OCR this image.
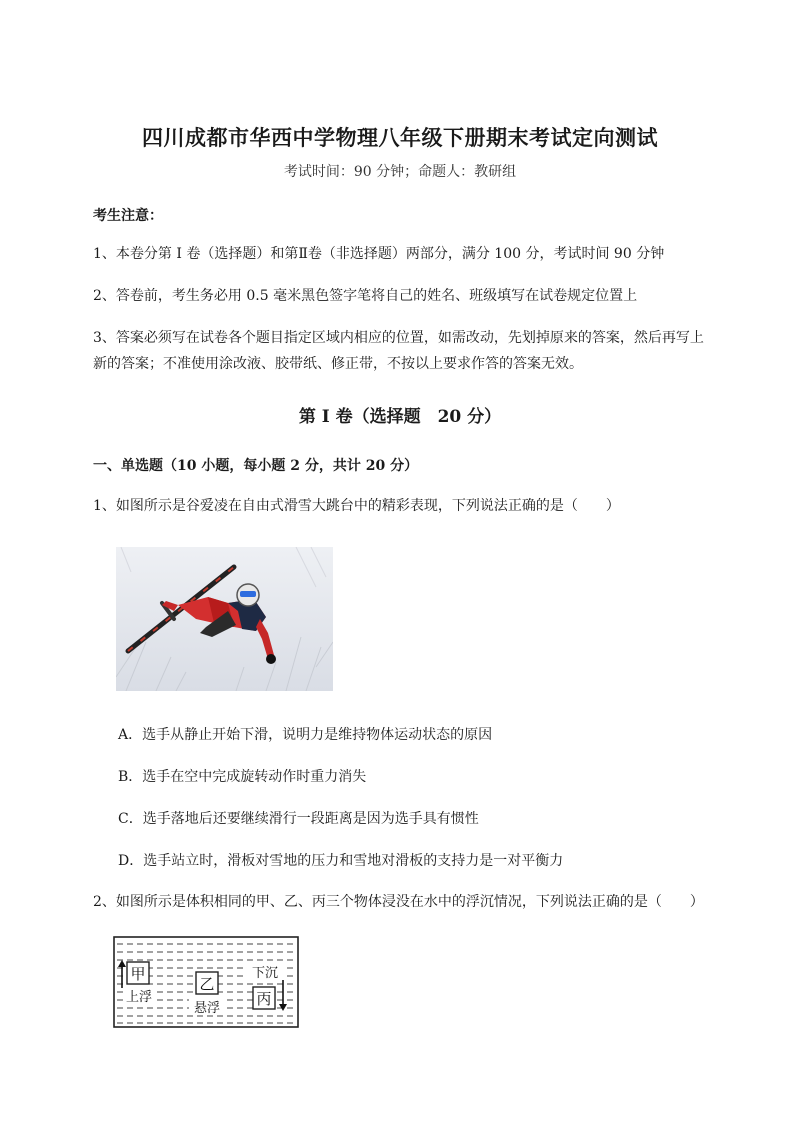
四川成都市华西中学物理八年级下册期末考试定向测试
考试时间：90 分钟；命题人：教研组
考生注意：
1、本卷分第 I 卷（选择题）和第Ⅱ卷（非选择题）两部分，满分 100 分，考试时间 90 分钟
2、答卷前，考生务必用 0.5 毫米黑色签字笔将自己的姓名、班级填写在试卷规定位置上
3、答案必须写在试卷各个题目指定区域内相应的位置，如需改动，先划掉原来的答案，然后再写上新的答案；不准使用涂改液、胶带纸、修正带，不按以上要求作答的答案无效。
第 I 卷（选择题　20 分）
一、单选题（10 小题，每小题 2 分，共计 20 分）
1、如图所示是谷爱凌在自由式滑雪大跳台中的精彩表现，下列说法正确的是（　　）
A．选手从静止开始下滑，说明力是维持物体运动状态的原因
B．选手在空中完成旋转动作时重力消失
C．选手落地后还要继续滑行一段距离是因为选手具有惯性
D．选手站立时，滑板对雪地的压力和雪地对滑板的支持力是一对平衡力
2、如图所示是体积相同的甲、乙、丙三个物体浸没在水中的浮沉情况，下列说法正确的是（　　）
甲
上浮
乙
悬浮
下沉
丙
